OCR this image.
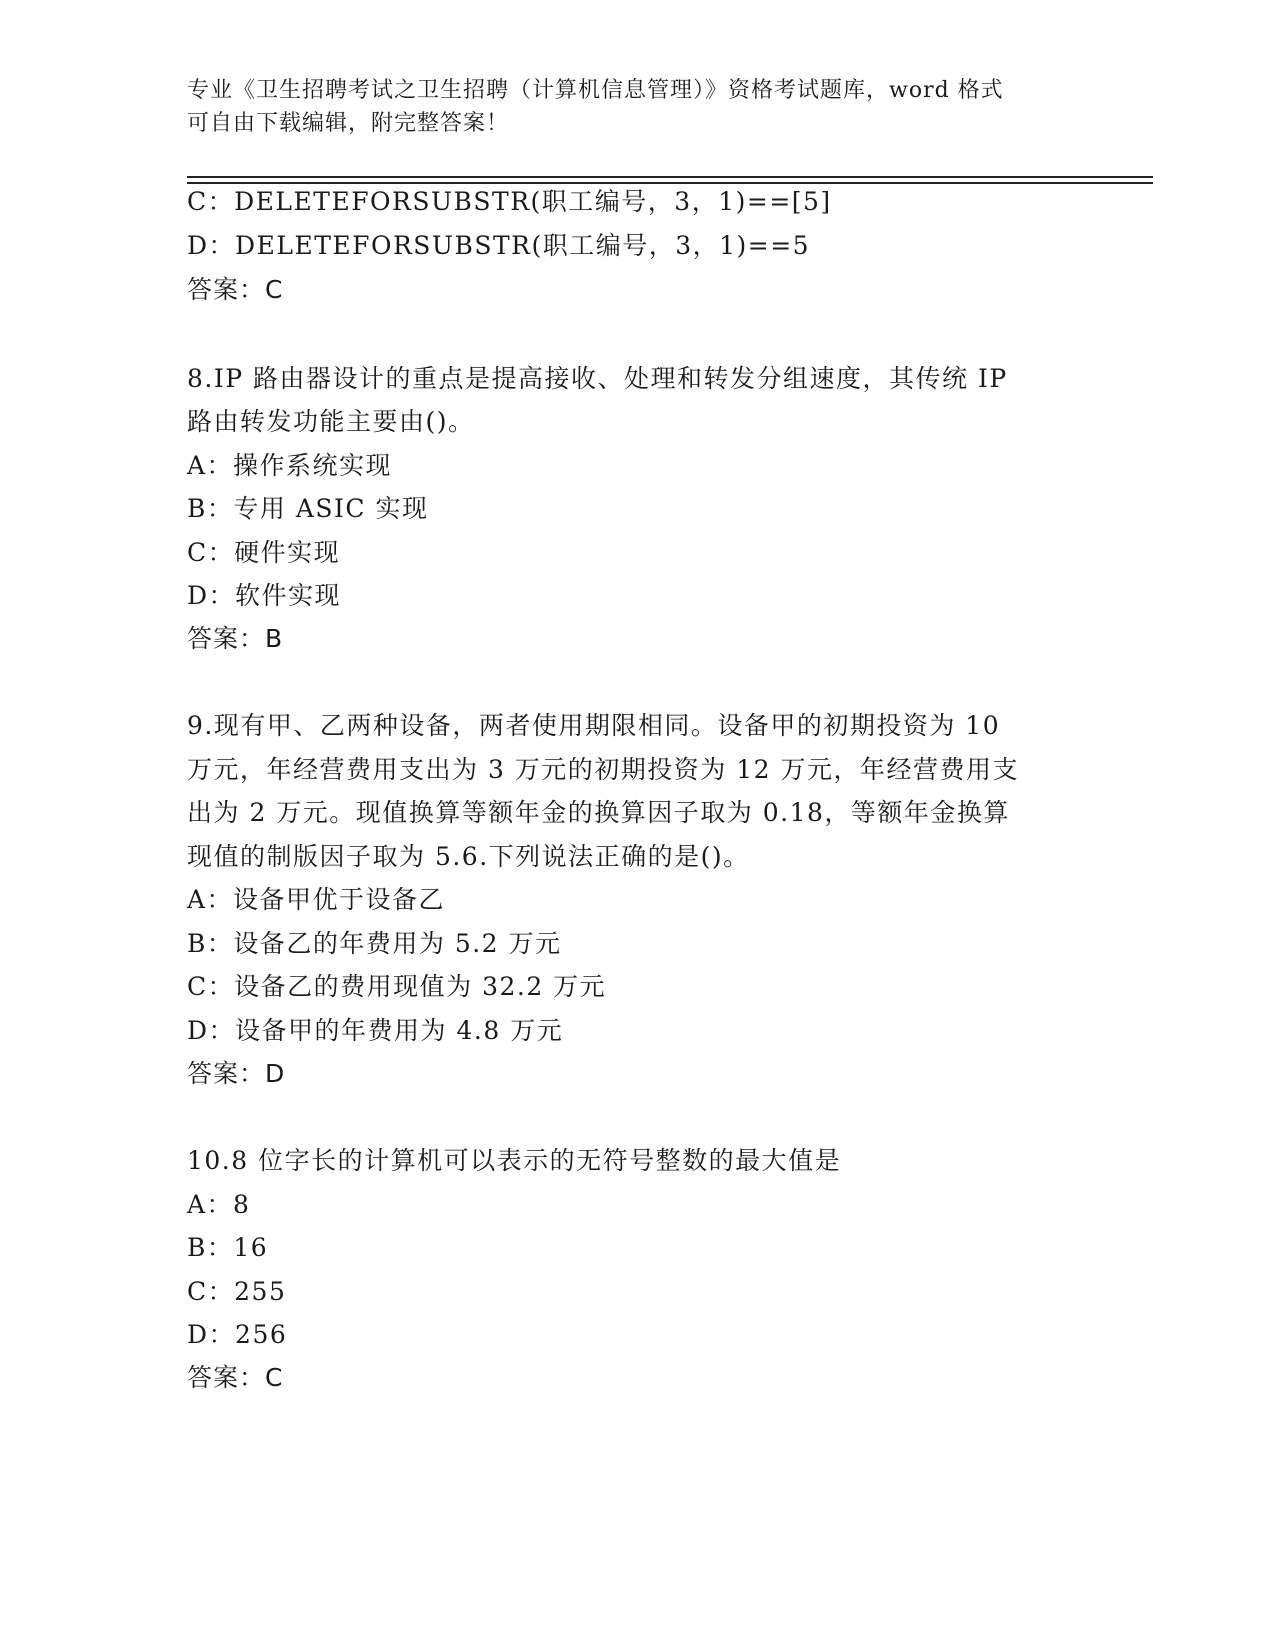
专业《卫生招聘考试之卫生招聘（计算机信息管理）》资格考试题库，word 格式
可自由下载编辑，附完整答案！
C：DELETEFORSUBSTR(职工编号，3，1)==[5]
D：DELETEFORSUBSTR(职工编号，3，1)==5
答案：C
8.IP 路由器设计的重点是提高接收、处理和转发分组速度，其传统 IP
路由转发功能主要由()。
A：操作系统实现
B：专用 ASIC 实现
C：硬件实现
D：软件实现
答案：B
9.现有甲、乙两种设备，两者使用期限相同。设备甲的初期投资为 10
万元，年经营费用支出为 3 万元的初期投资为 12 万元，年经营费用支
出为 2 万元。现值换算等额年金的换算因子取为 0.18，等额年金换算
现值的制版因子取为 5.6.下列说法正确的是()。
A：设备甲优于设备乙
B：设备乙的年费用为 5.2 万元
C：设备乙的费用现值为 32.2 万元
D：设备甲的年费用为 4.8 万元
答案：D
10.8 位字长的计算机可以表示的无符号整数的最大值是
A：8
B：16
C：255
D：256
答案：C
